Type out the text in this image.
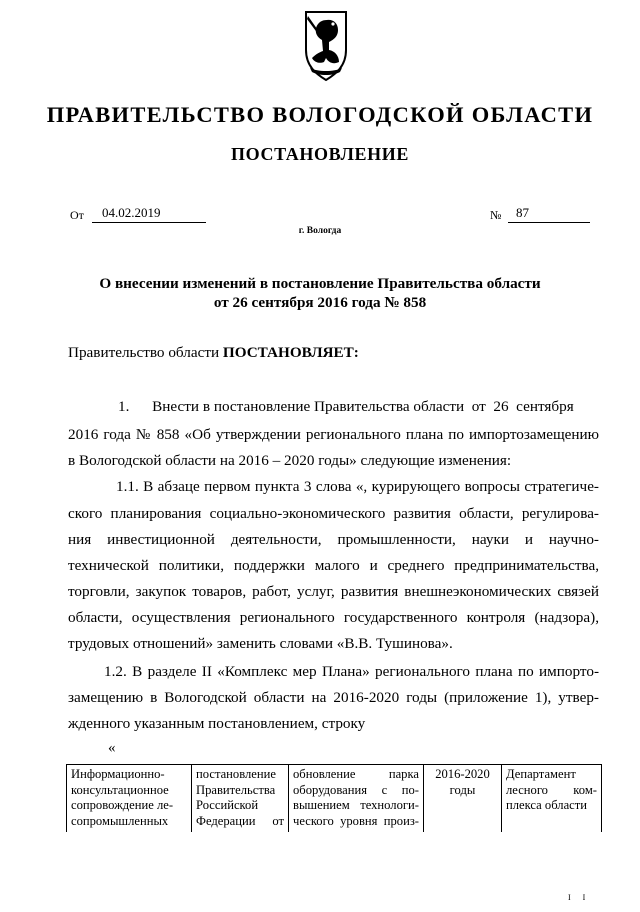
ПРАВИТЕЛЬСТВО ВОЛОГОДСКОЙ ОБЛАСТИ
ПОСТАНОВЛЕНИЕ
От 04.02.2019	№ 87
г. Вологда
О внесении изменений в постановление Правительства области
от 26 сентября 2016 года № 858
Правительство области ПОСТАНОВЛЯЕТ:
1.      Внести в постановление Правительства области  от  26  сентября
2016 года № 858 «Об утверждении регионального плана по импортозамещению
в Вологодской области на 2016 – 2020 годы» следующие изменения:
1.1. В абзаце первом пункта 3 слова «, курирующего вопросы стратегиче-
ского планирования социально-экономического развития области, регулирова-
ния инвестиционной деятельности, промышленности, науки и научно-
технической политики, поддержки малого и среднего предпринимательства,
торговли, закупок товаров, работ, услуг, развития внешнеэкономических связей
области, осуществления регионального государственного контроля (надзора),
трудовых отношений» заменить словами «В.В. Тушинова».
1.2. В разделе II «Комплекс мер Плана» регионального плана по импорто-
замещению в Вологодской области на 2016-2020 годы (приложение 1), утвер-
жденного указанным постановлением, строку
«
Информационно-
консультационное
сопровождение ле-
сопромышленных

постановление
Правительства
Российской
Федерации от

обновление парка
оборудования с по-
вышением технологи-
ческого уровня произ-

2016-2020
годы

Департамент
лесного ком-
плекса области
I I
